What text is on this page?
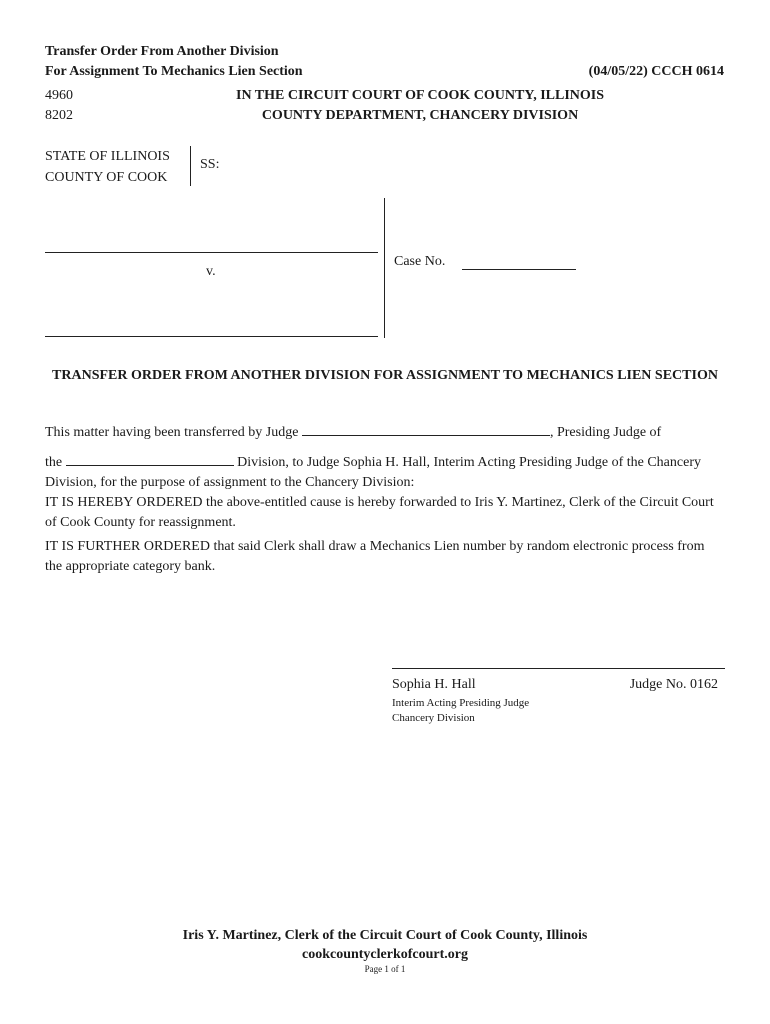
Transfer Order From Another Division
For Assignment To Mechanics Lien Section	(04/05/22) CCCH 0614
4960
8202
IN THE CIRCUIT COURT OF COOK COUNTY, ILLINOIS
COUNTY DEPARTMENT, CHANCERY DIVISION
STATE OF ILLINOIS
COUNTY OF COOK
SS:
v.
Case No.
TRANSFER ORDER FROM ANOTHER DIVISION FOR ASSIGNMENT TO MECHANICS LIEN SECTION
This matter having been transferred by Judge	, Presiding Judge of
the	Division, to Judge Sophia H. Hall, Interim Acting Presiding Judge of the Chancery Division, for the purpose of assignment to the Chancery Division:
IT IS HEREBY ORDERED the above-entitled cause is hereby forwarded to Iris Y. Martinez, Clerk of the Circuit Court of Cook County for reassignment.
IT IS FURTHER ORDERED that said Clerk shall draw a Mechanics Lien number by random electronic process from the appropriate category bank.
Sophia H. Hall	Judge No. 0162
Interim Acting Presiding Judge
Chancery Division
Iris Y. Martinez, Clerk of the Circuit Court of Cook County, Illinois
cookcountyclerkofcourt.org
Page 1 of 1
